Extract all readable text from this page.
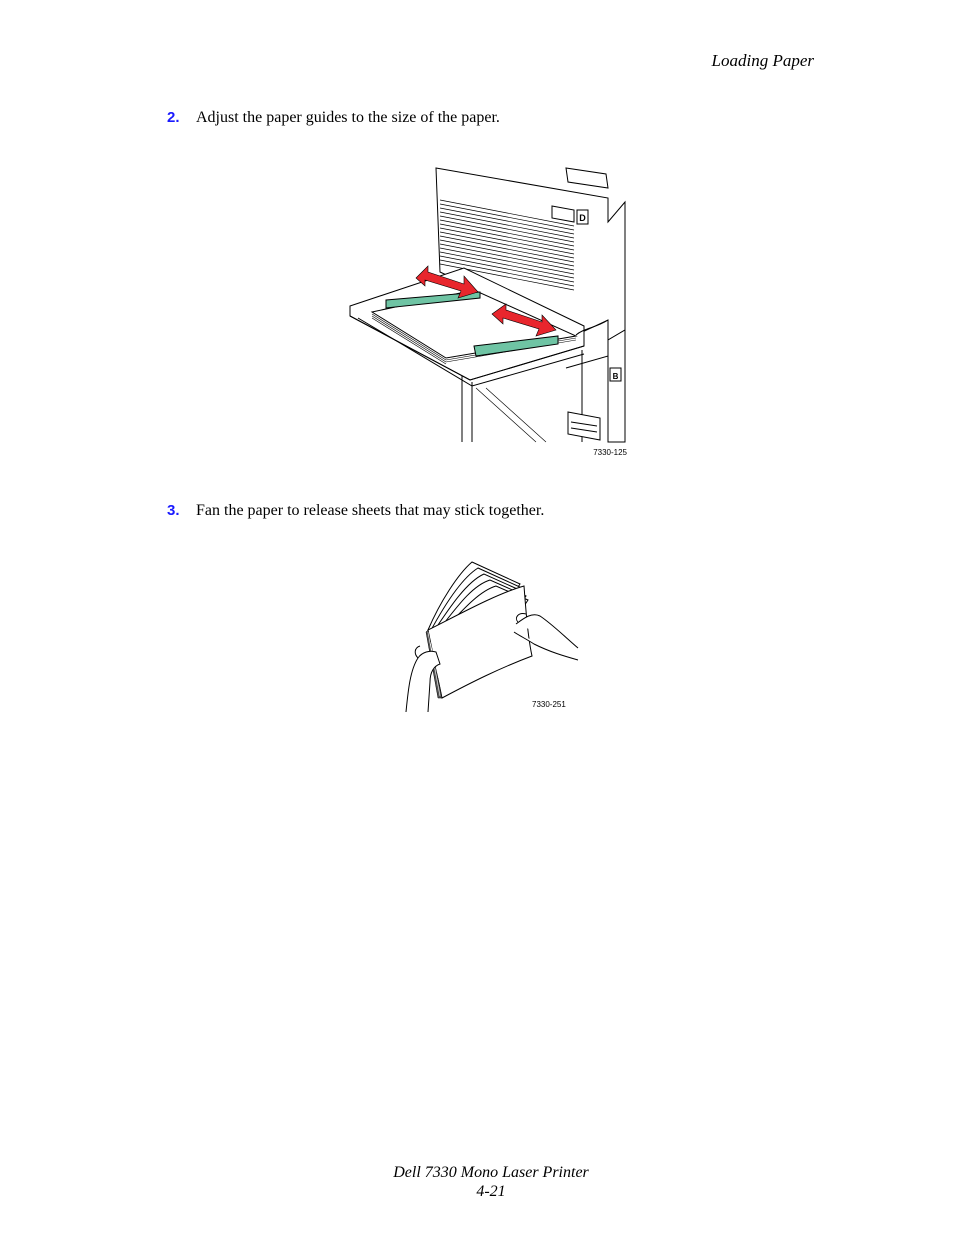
Loading Paper
2. Adjust the paper guides to the size of the paper.
D
B
7330-125
3. Fan the paper to release sheets that may stick together.
7330-251
Dell 7330 Mono Laser Printer
4-21
